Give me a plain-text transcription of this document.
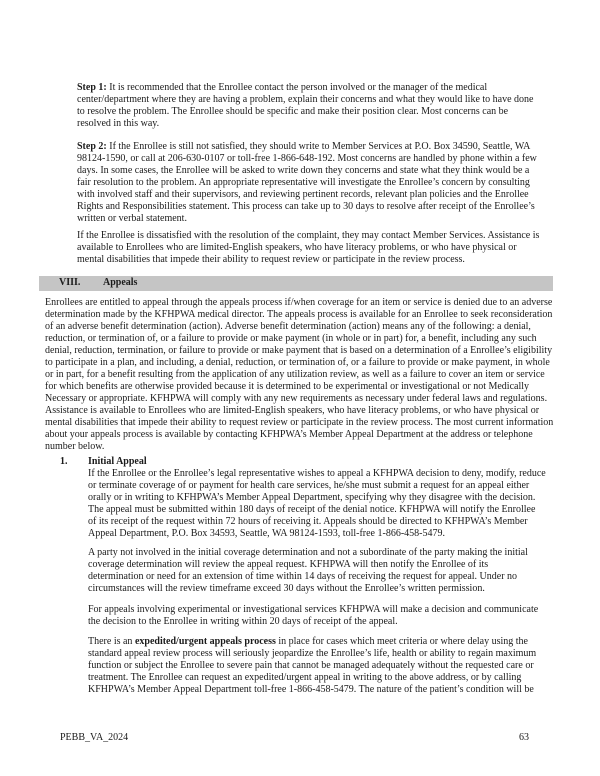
Step 1: It is recommended that the Enrollee contact the person involved or the manager of the medical center/department where they are having a problem, explain their concerns and what they would like to have done to resolve the problem. The Enrollee should be specific and make their position clear. Most concerns can be resolved in this way.

Step 2: If the Enrollee is still not satisfied, they should write to Member Services at P.O. Box 34590, Seattle, WA 98124-1590, or call at 206-630-0107 or toll-free 1-866-648-192. Most concerns are handled by phone within a few days. In some cases, the Enrollee will be asked to write down they concerns and state what they think would be a fair resolution to the problem. An appropriate representative will investigate the Enrollee’s concern by consulting with involved staff and their supervisors, and reviewing pertinent records, relevant plan policies and the Enrollee Rights and Responsibilities statement. This process can take up to 30 days to resolve after receipt of the Enrollee’s written or verbal statement.

If the Enrollee is dissatisfied with the resolution of the complaint, they may contact Member Services. Assistance is available to Enrollees who are limited-English speakers, who have literacy problems, or who have physical or mental disabilities that impede their ability to request review or participate in the review process.

VIII. Appeals

Enrollees are entitled to appeal through the appeals process if/when coverage for an item or service is denied due to an adverse determination made by the KFHPWA medical director. The appeals process is available for an Enrollee to seek reconsideration of an adverse benefit determination (action). Adverse benefit determination (action) means any of the following: a denial, reduction, or termination of, or a failure to provide or make payment (in whole or in part) for, a benefit, including any such denial, reduction, termination, or failure to provide or make payment that is based on a determination of a Enrollee’s eligibility to participate in a plan, and including, a denial, reduction, or termination of, or a failure to provide or make payment, in whole or in part, for a benefit resulting from the application of any utilization review, as well as a failure to cover an item or service for which benefits are otherwise provided because it is determined to be experimental or investigational or not Medically Necessary or appropriate. KFHPWA will comply with any new requirements as necessary under federal laws and regulations. Assistance is available to Enrollees who are limited-English speakers, who have literacy problems, or who have physical or mental disabilities that impede their ability to request review or participate in the review process. The most current information about your appeals process is available by contacting KFHPWA’s Member Appeal Department at the address or telephone number below.

1.	Initial Appeal

If the Enrollee or the Enrollee’s legal representative wishes to appeal a KFHPWA decision to deny, modify, reduce or terminate coverage of or payment for health care services, he/she must submit a request for an appeal either orally or in writing to KFHPWA’s Member Appeal Department, specifying why they disagree with the decision. The appeal must be submitted within 180 days of receipt of the denial notice. KFHPWA will notify the Enrollee of its receipt of the request within 72 hours of receiving it. Appeals should be directed to KFHPWA’s Member Appeal Department, P.O. Box 34593, Seattle, WA 98124-1593, toll-free 1-866-458-5479.

A party not involved in the initial coverage determination and not a subordinate of the party making the initial coverage determination will review the appeal request. KFHPWA will then notify the Enrollee of its determination or need for an extension of time within 14 days of receiving the request for appeal. Under no circumstances will the review timeframe exceed 30 days without the Enrollee’s written permission.

For appeals involving experimental or investigational services KFHPWA will make a decision and communicate the decision to the Enrollee in writing within 20 days of receipt of the appeal.

There is an expedited/urgent appeals process in place for cases which meet criteria or where delay using the standard appeal review process will seriously jeopardize the Enrollee’s life, health or ability to regain maximum function or subject the Enrollee to severe pain that cannot be managed adequately without the requested care or treatment. The Enrollee can request an expedited/urgent appeal in writing to the above address, or by calling KFHPWA’s Member Appeal Department toll-free 1-866-458-5479. The nature of the patient’s condition will be

PEBB_VA_2024	63
